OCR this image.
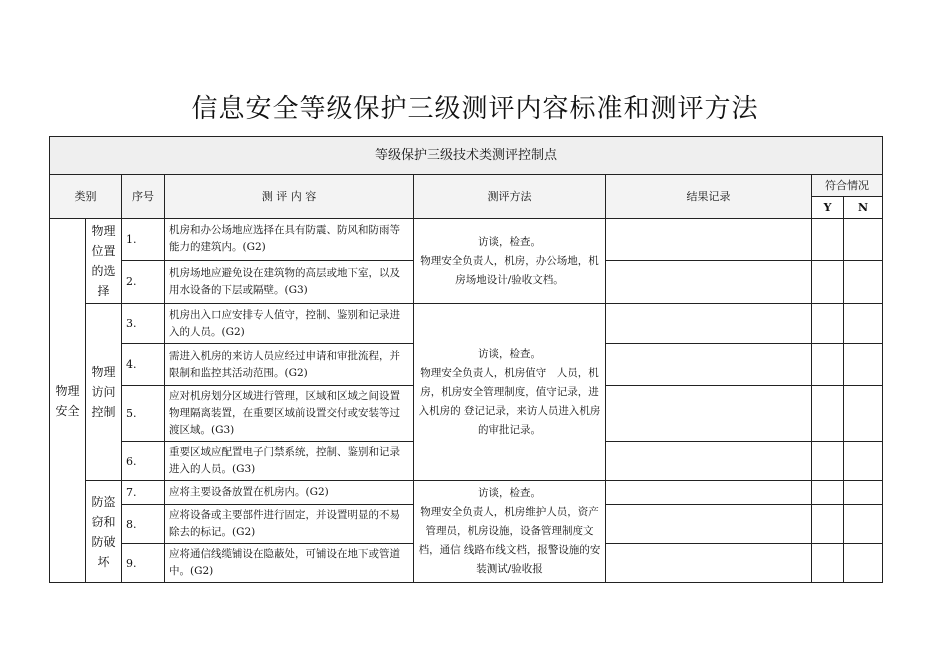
信息安全等级保护三级测评内容标准和测评方法
等级保护三级技术类测评控制点							
类别		序号	测 评 内 容	测评方法	结果记录	符合情况	
						Y	N
物理安全	物理位置的选择	1.	机房和办公场地应选择在具有防震、防风和防雨等能力的建筑内。(G2)	访谈，检查。
物理安全负责人，机房，办公场地，机房场地设计/验收文档。			
		2.	机房场地应避免设在建筑物的高层或地下室，以及用水设备的下层或隔壁。(G3)				
	物理访问控制	3.	机房出入口应安排专人值守，控制、鉴别和记录进入的人员。(G2)	访谈，检查。
物理安全负责人，机房值守　人员，机房，机房安全管理制度，值守记录，进入机房的 登记记录，来访人员进入机房的审批记录。			
		4.	需进入机房的来访人员应经过申请和审批流程，并限制和监控其活动范围。(G2)				
		5.	应对机房划分区域进行管理，区域和区域之间设置物理隔离装置，在重要区域前设置交付或安装等过渡区域。(G3)				
		6.	重要区域应配置电子门禁系统，控制、鉴别和记录进入的人员。(G3)				
	防盗窃和防破坏	7.	应将主要设备放置在机房内。(G2)	访谈，检查。
物理安全负责人，机房维护人员，资产管理员，机房设施，设备管理制度文档，通信 线路布线文档，报警设施的安装测试/验收报			
		8.	应将设备或主要部件进行固定，并设置明显的不易除去的标记。(G2)				
		9.	应将通信线缆铺设在隐蔽处，可铺设在地下或管道中。(G2)				
